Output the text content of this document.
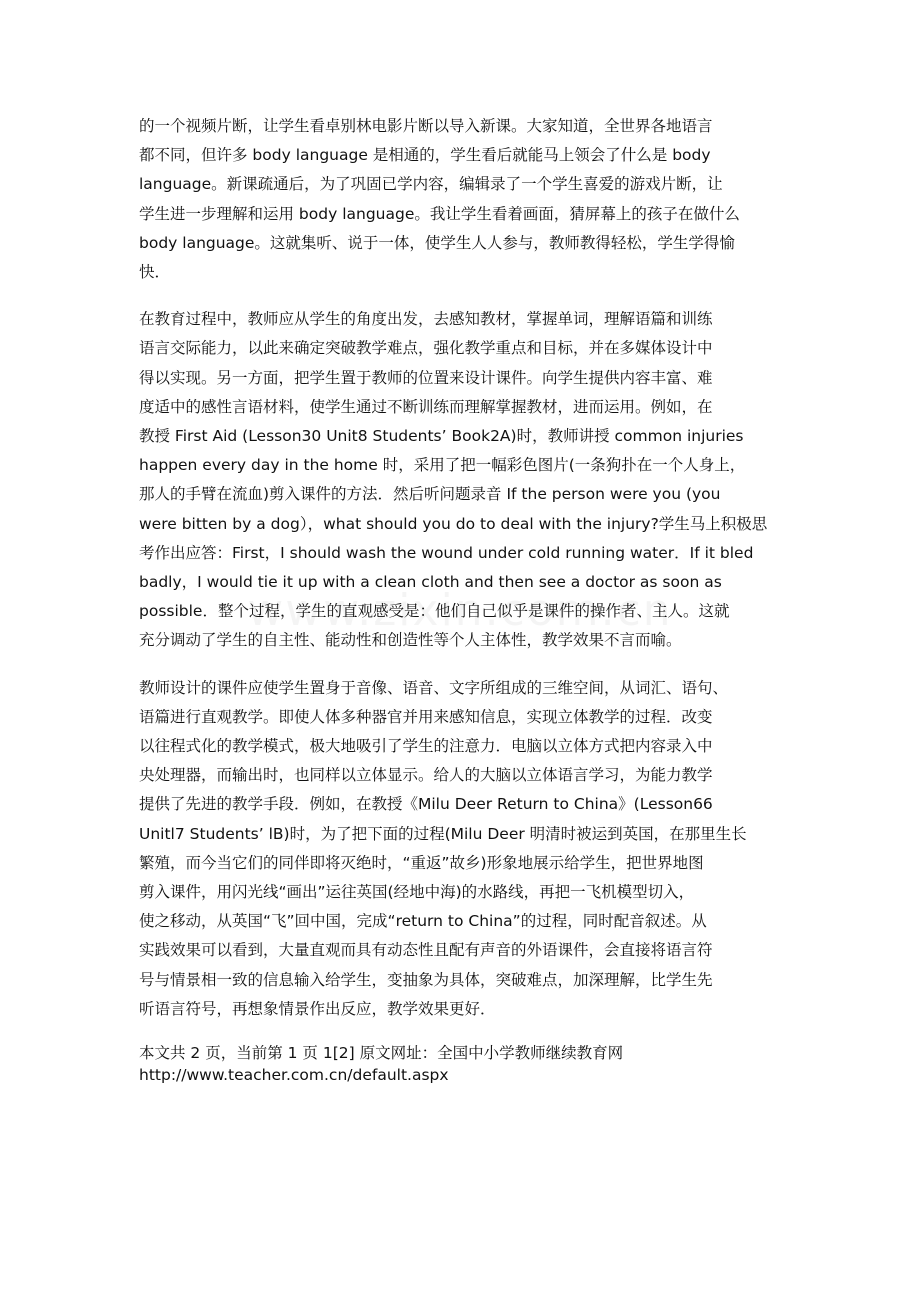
的一个视频片断，让学生看卓别林电影片断以导入新课。大家知道，全世界各地语言
都不同，但许多 body language 是相通的，学生看后就能马上领会了什么是 body
language。新课疏通后，为了巩固已学内容，编辑录了一个学生喜爱的游戏片断，让
学生进一步理解和运用 body language。我让学生看着画面，猜屏幕上的孩子在做什么
body language。这就集听、说于一体，使学生人人参与，教师教得轻松，学生学得愉
快．

在教育过程中，教师应从学生的角度出发，去感知教材，掌握单词，理解语篇和训练
语言交际能力，以此来确定突破教学难点，强化教学重点和目标，并在多媒体设计中
得以实现。另一方面，把学生置于教师的位置来设计课件。向学生提供内容丰富、难
度适中的感性言语材料，使学生通过不断训练而理解掌握教材，进而运用。例如，在
教授 First Aid (Lesson30 Unit8 Students’ Book2A)时，教师讲授 common injuries
happen every day in the home 时，采用了把一幅彩色图片(一条狗扑在一个人身上，
那人的手臂在流血)剪入课件的方法．然后听问题录音 If the person were you (you
were bitten by a dog），what should you do to deal with the injury?学生马上积极思
考作出应答：First，I should wash the wound under cold running water．If it bled
badly，I would tie it up with a clean cloth and then see a doctor as soon as
possible．整个过程，学生的直观感受是：他们自己似乎是课件的操作者、主人。这就
充分调动了学生的自主性、能动性和创造性等个人主体性，教学效果不言而喻。

教师设计的课件应使学生置身于音像、语音、文字所组成的三维空间，从词汇、语句、
语篇进行直观教学。即使人体多种器官并用来感知信息，实现立体教学的过程．改变
以往程式化的教学模式，极大地吸引了学生的注意力．电脑以立体方式把内容录入中
央处理器，而输出时，也同样以立体显示。给人的大脑以立体语言学习，为能力教学
提供了先进的教学手段．例如，在教授《Milu Deer Return to China》(Lesson66
Unitl7 Students’ lB)时，为了把下面的过程(Milu Deer 明清时被运到英国，在那里生长
繁殖，而今当它们的同伴即将灭绝时，“重返”故乡)形象地展示给学生，把世界地图
剪入课件，用闪光线“画出”运往英国(经地中海)的水路线，再把一飞机模型切入，
使之移动，从英国“飞”回中国，完成“return to China”的过程，同时配音叙述。从
实践效果可以看到，大量直观而具有动态性且配有声音的外语课件，会直接将语言符
号与情景相一致的信息输入给学生，变抽象为具体，突破难点，加深理解，比学生先
听语言符号，再想象情景作出反应，教学效果更好．

本文共 2 页，当前第 1 页 1[2] 原文网址：全国中小学教师继续教育网
http://www.teacher.com.cn/default.aspx
